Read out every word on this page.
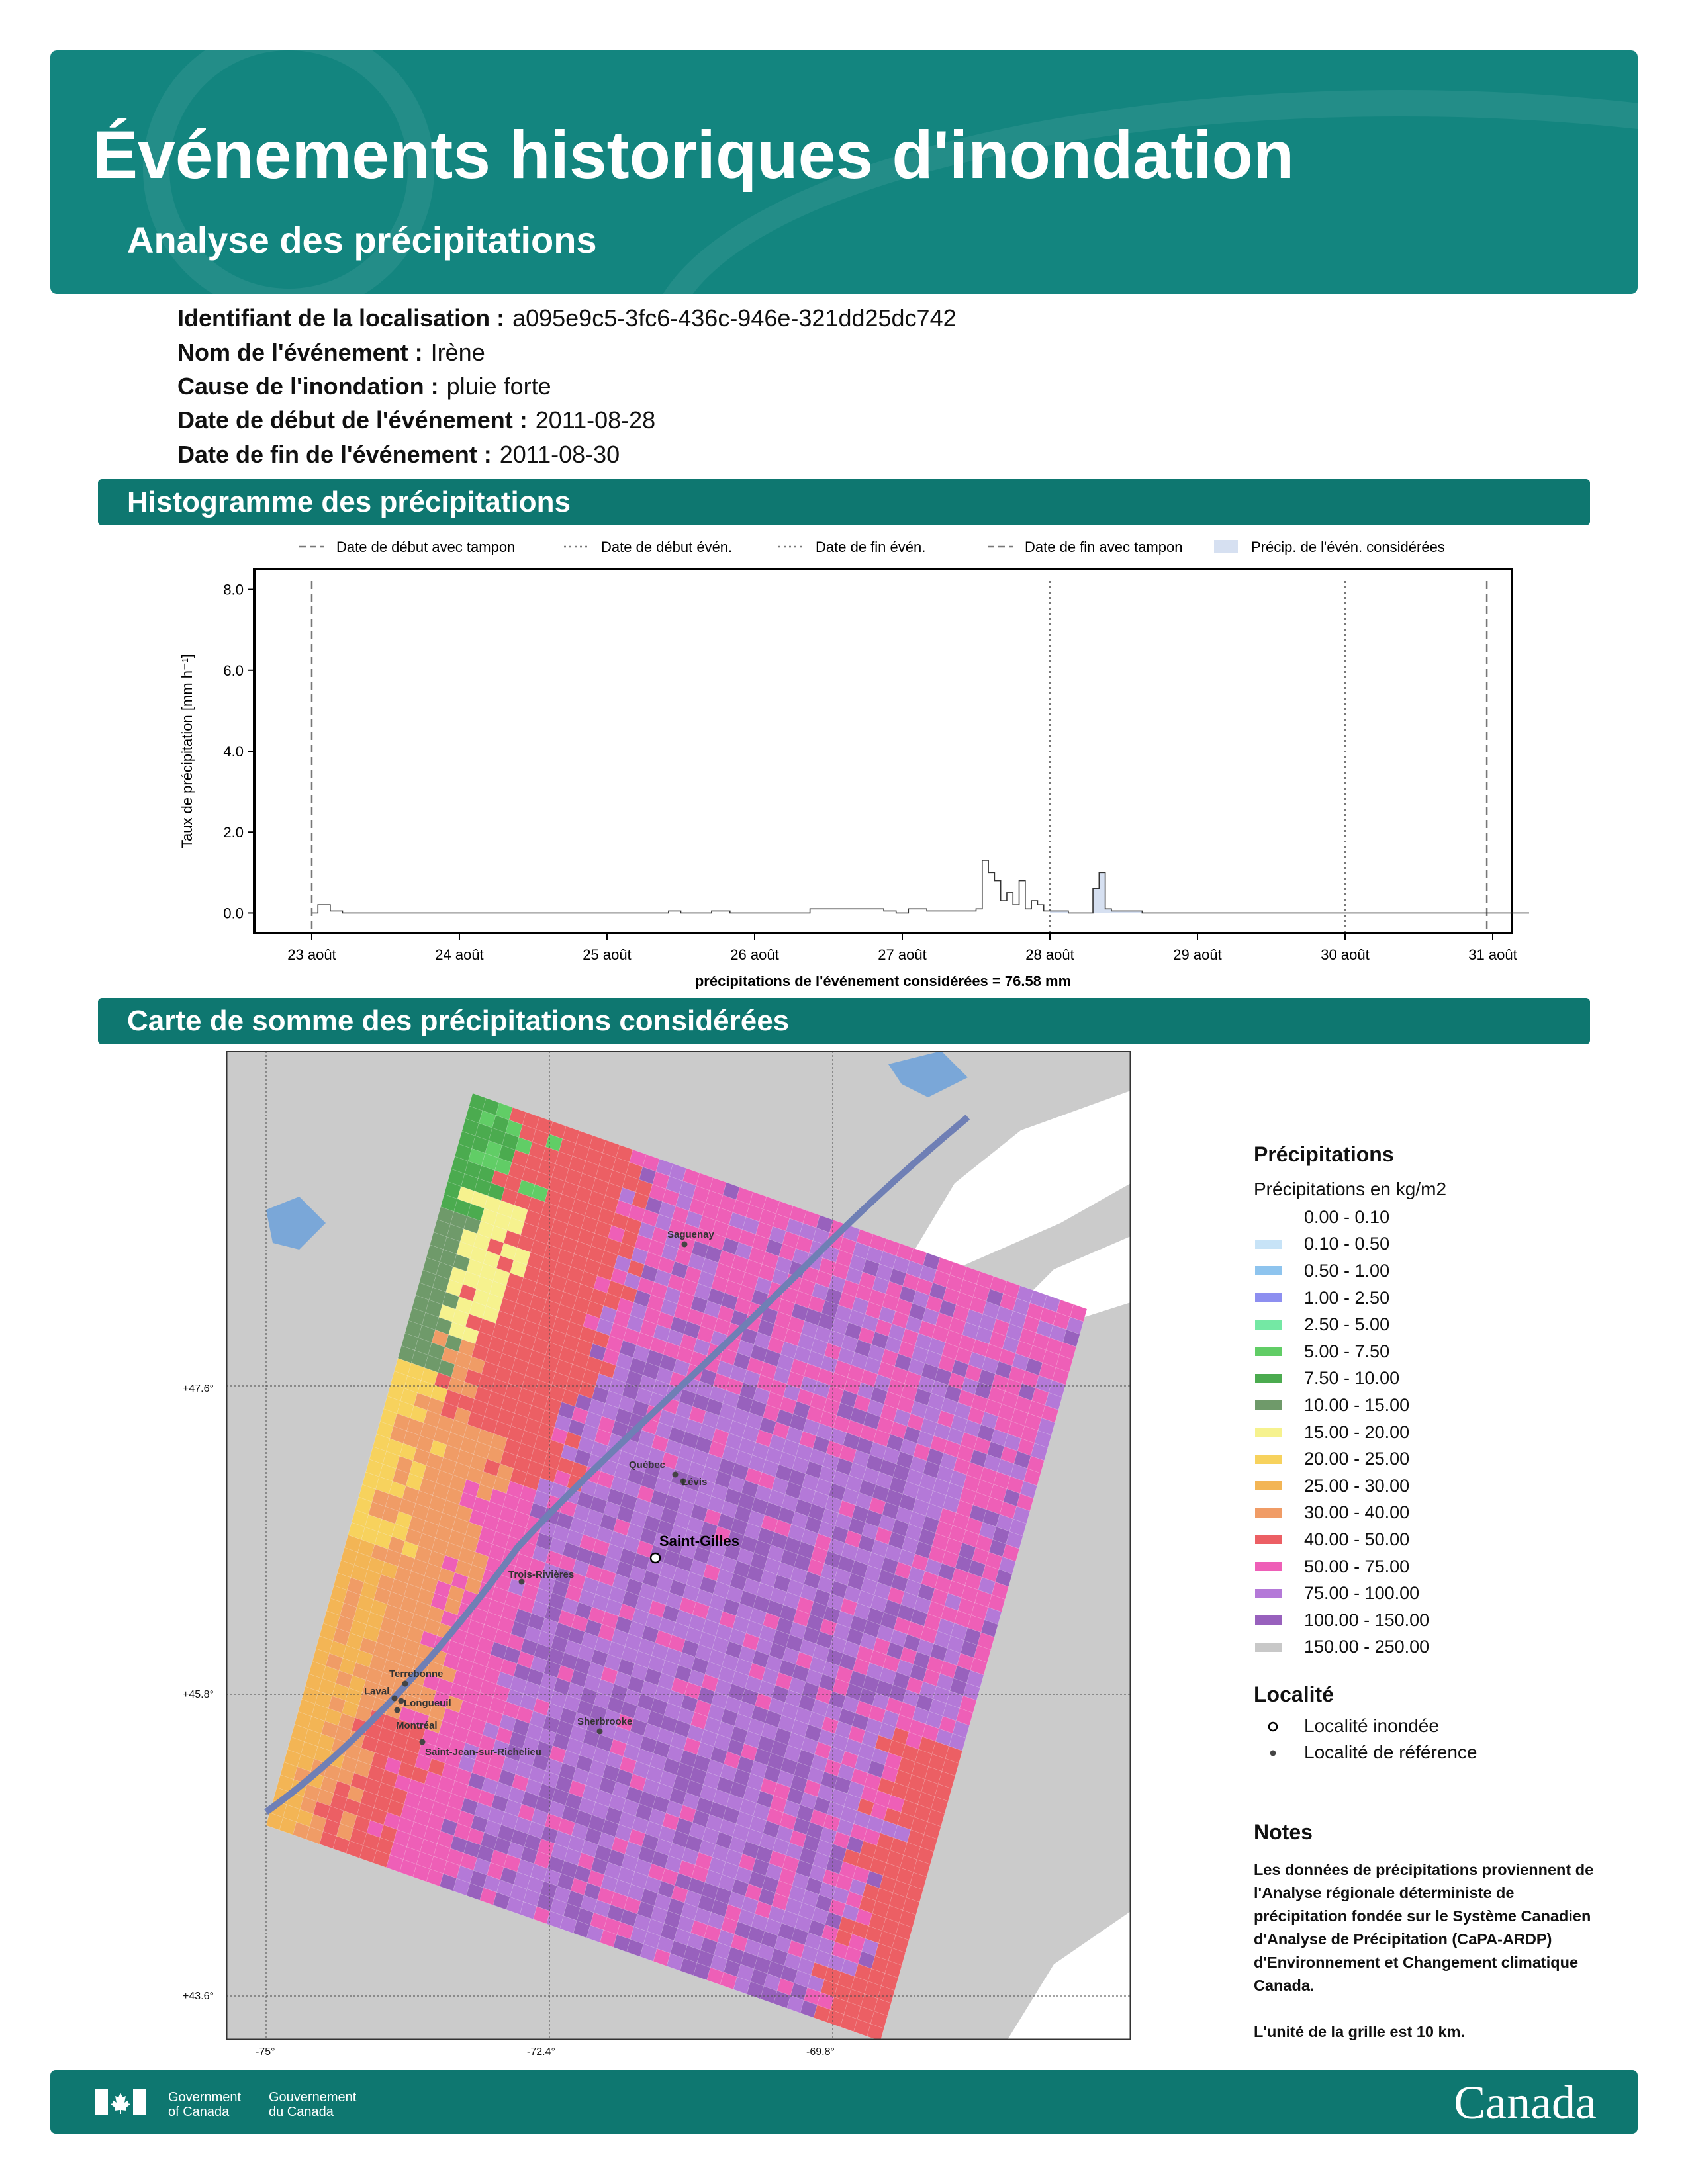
Événements historiques d'inondation
Analyse des précipitations
Identifiant de la localisation : a095e9c5-3fc6-436c-946e-321dd25dc742
Nom de l'événement : Irène
Cause de l'inondation : pluie forte
Date de début de l'événement : 2011-08-28
Date de fin de l'événement : 2011-08-30
Histogramme des précipitations
Date de début avec tampon	Date de début évén.	Date de fin évén.	Date de fin avec tampon	Précip. de l'évén. considérées
0.0
2.0
4.0
6.0
8.0
23 août	24 août	25 août	26 août	27 août	28 août	29 août	30 août	31 août
Taux de précipitation [mm h⁻¹]
précipitations de l'événement considérées = 76.58 mm
Carte de somme des précipitations considérées
Saguenay
Québec
Lévis
Trois-Rivières
Terrebonne
Laval
Longueuil
Montréal	Sherbrooke
Saint-Jean-sur-Richelieu
Saint-Gilles
+47.6°
+45.8°
+43.6°
-75°	-72.4°	-69.8°
Précipitations
Précipitations en kg/m2
0.00 - 0.10
0.10 - 0.50
0.50 - 1.00
1.00 - 2.50
2.50 - 5.00
5.00 - 7.50
7.50 - 10.00
10.00 - 15.00
15.00 - 20.00
20.00 - 25.00
25.00 - 30.00
30.00 - 40.00
40.00 - 50.00
50.00 - 75.00
75.00 - 100.00
100.00 - 150.00
150.00 - 250.00
Localité
Localité inondée
Localité de référence
Notes
Les données de précipitations proviennent de l'Analyse régionale déterministe de précipitation fondée sur le Système Canadien d'Analyse de Précipitation (CaPA-ARDP) d'Environnement et Changement climatique Canada.
L'unité de la grille est 10 km.
Government
of Canada
Gouvernement
du Canada	Canada
